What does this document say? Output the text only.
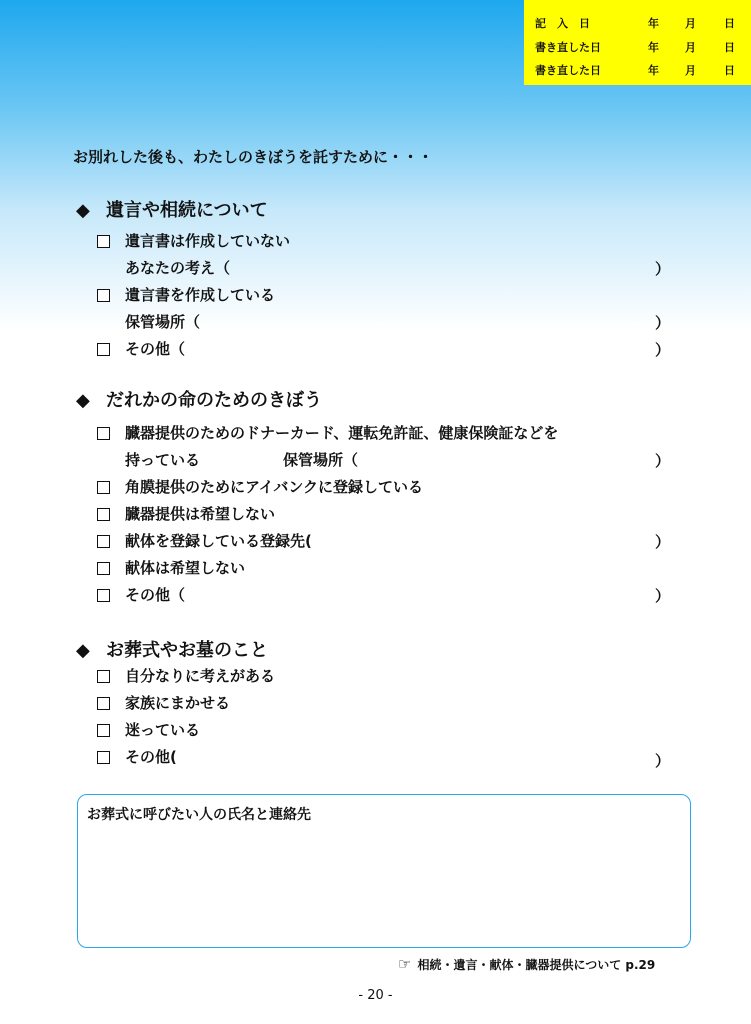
記　入　日	年 月	日
書き直した日	年 月	日
書き直した日	年 月	日
お別れした後も、わたしのきぼうを託すために・・・
◆ 遺言や相続について
遺言書は作成していない
あなたの考え（	）
遺言書を作成している
保管場所（	）
その他（	）
◆ だれかの命のためのきぼう
臓器提供のためのドナーカード、運転免許証、健康保険証などを
持っている	保管場所（	）
角膜提供のためにアイバンクに登録している
臓器提供は希望しない
献体を登録している登録先(	）
献体は希望しない
その他（	）
◆ お葬式やお墓のこと
自分なりに考えがある
家族にまかせる
迷っている
その他(	）
お葬式に呼びたい人の氏名と連絡先
☞ 相続・遺言・献体・臓器提供について p.29
- 20 -
